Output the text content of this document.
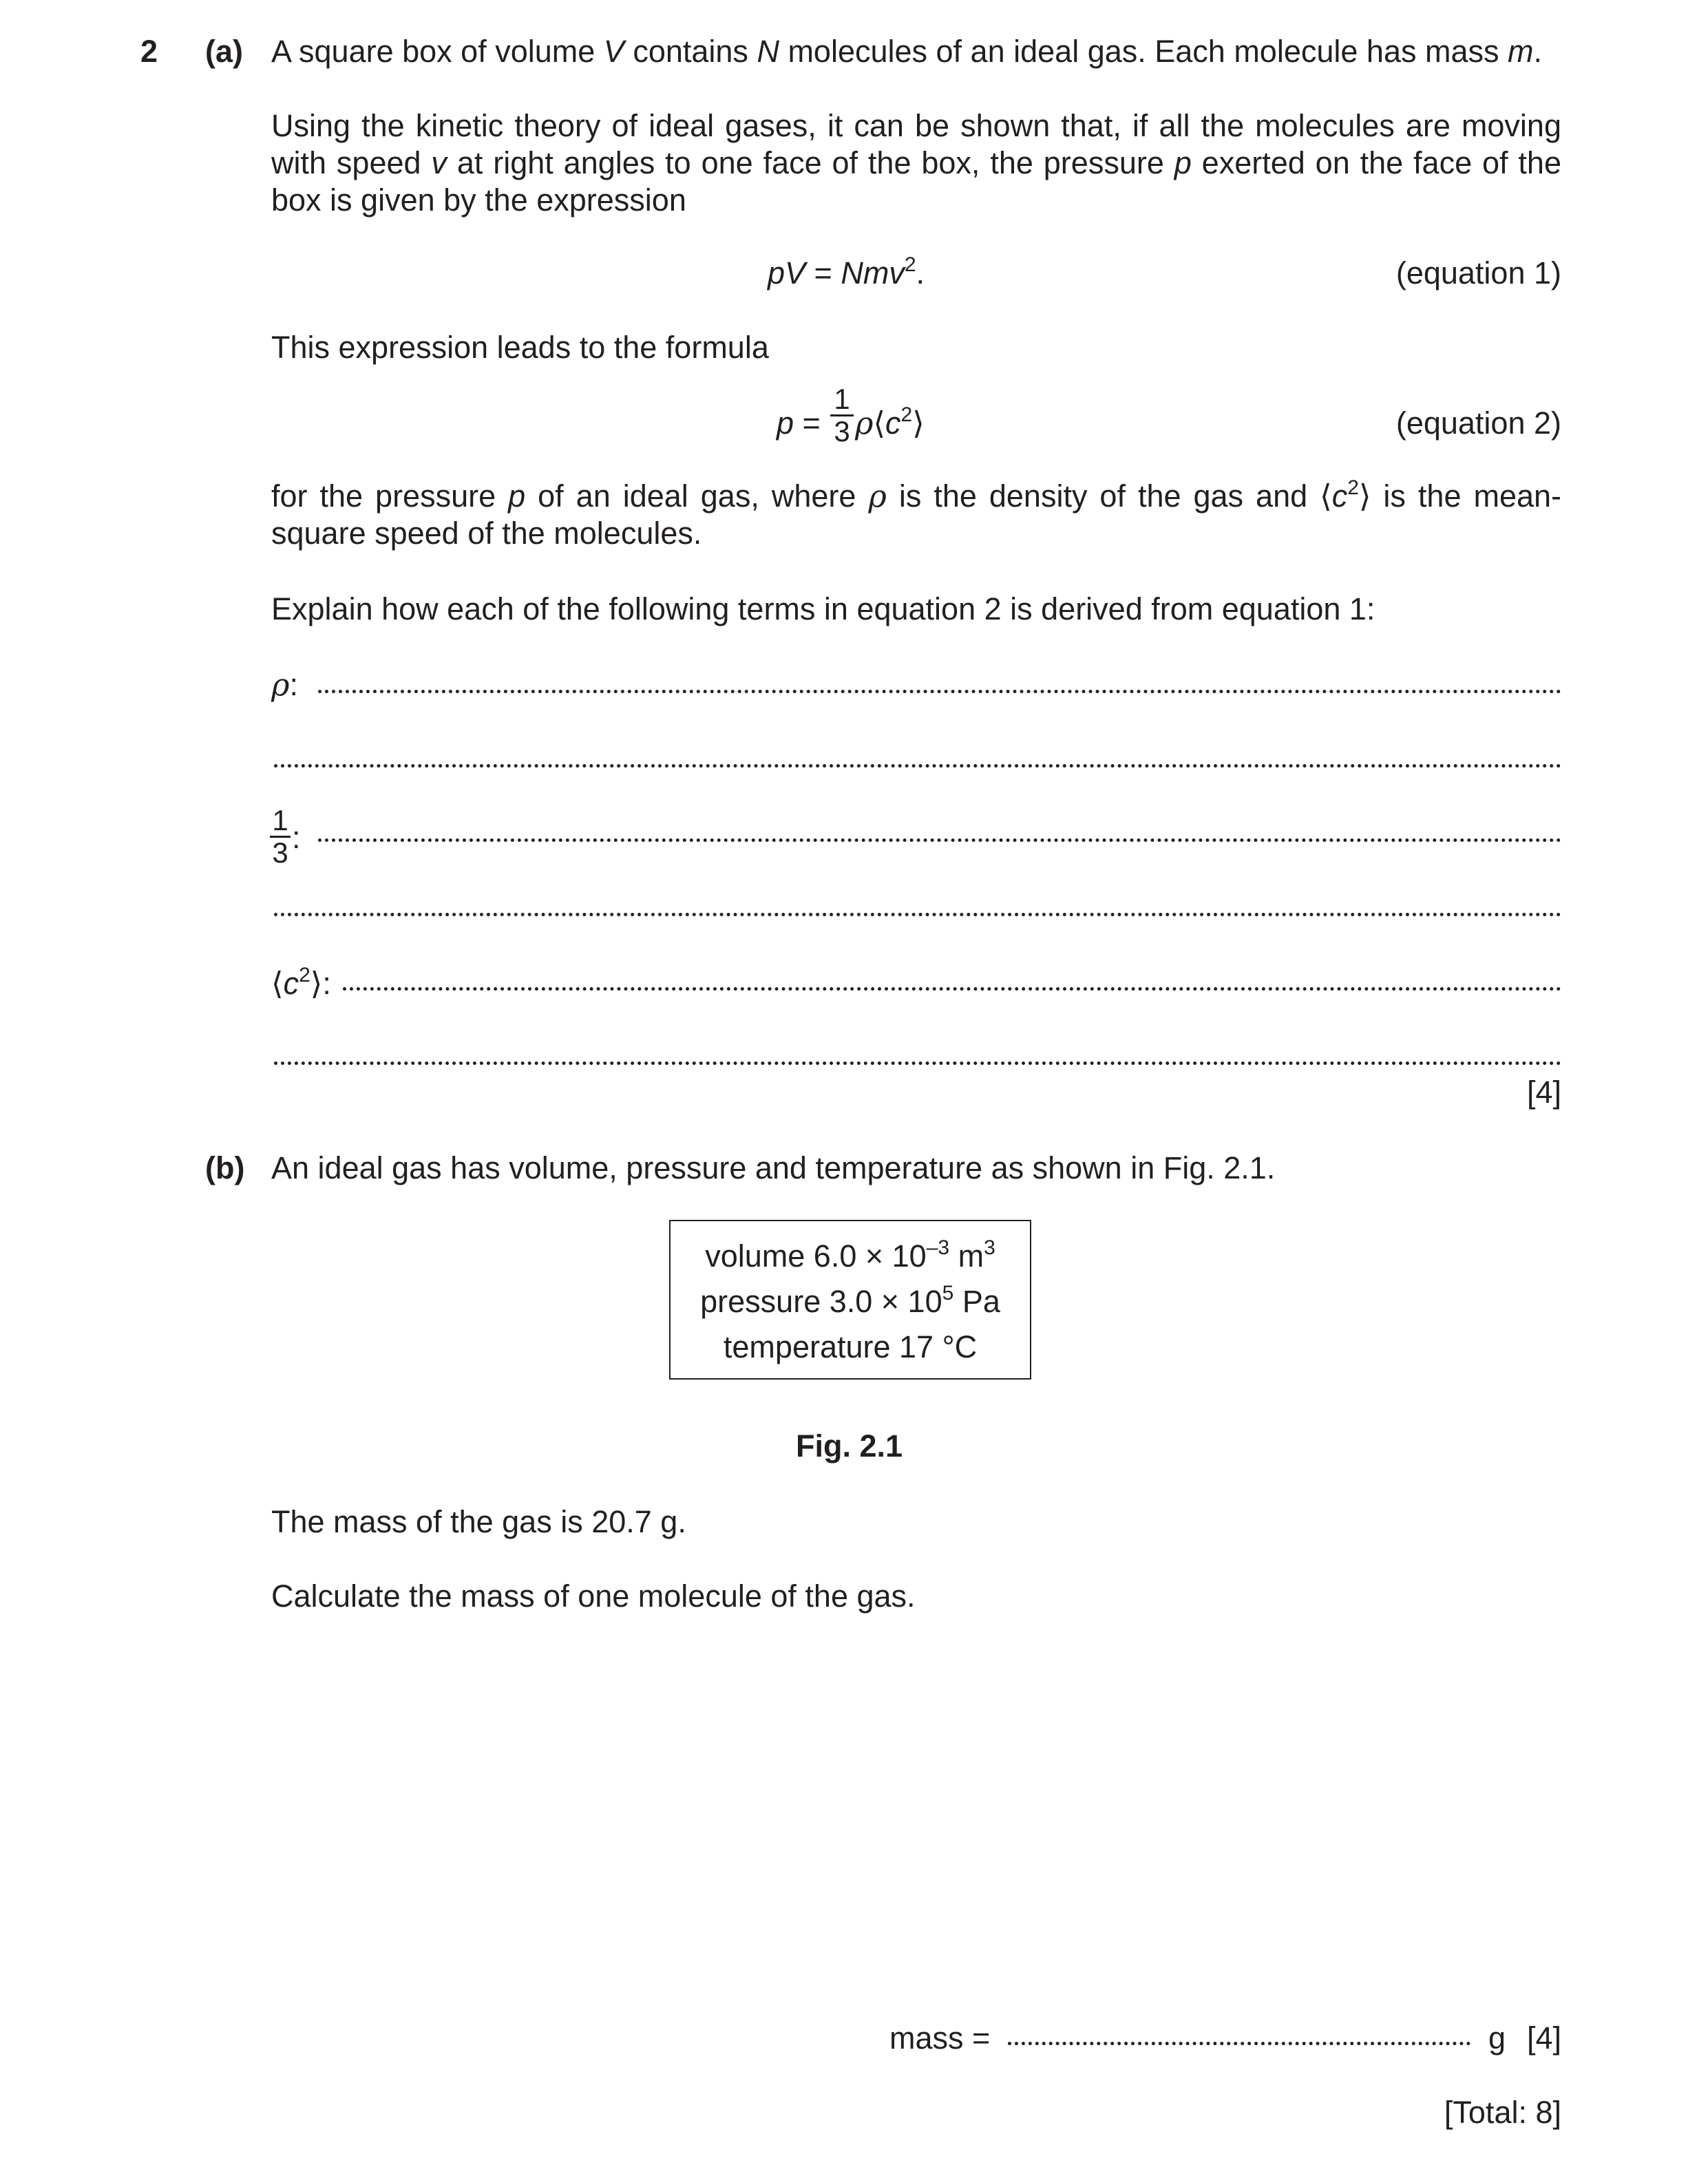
2 (a) A square box of volume V contains N molecules of an ideal gas. Each molecule has mass m.
Using the kinetic theory of ideal gases, it can be shown that, if all the molecules are moving with speed v at right angles to one face of the box, the pressure p exerted on the face of the box is given by the expression
pV = Nmv$^2$.	(equation 1)
This expression leads to the formula
p =
1
3 $\rho⟨c^2⟩$	(equation 2)
for the pressure p of an ideal gas, where ρ is the density of the gas and $⟨c^2⟩$ is the mean-square speed of the molecules.
Explain how each of the following terms in equation 2 is derived from equation 1:
ρ:
1
3 :
$⟨c^2⟩$:
[4]
(b) An ideal gas has volume, pressure and temperature as shown in Fig. 2.1.
volume $6.0 \times 10^{-3}$ $m^3$
pressure $3.0 \times 10^5$ Pa
temperature 17 °C
Fig. 2.1
The mass of the gas is 20.7 g.
Calculate the mass of one molecule of the gas.
mass =	g [4]
[Total: 8]
